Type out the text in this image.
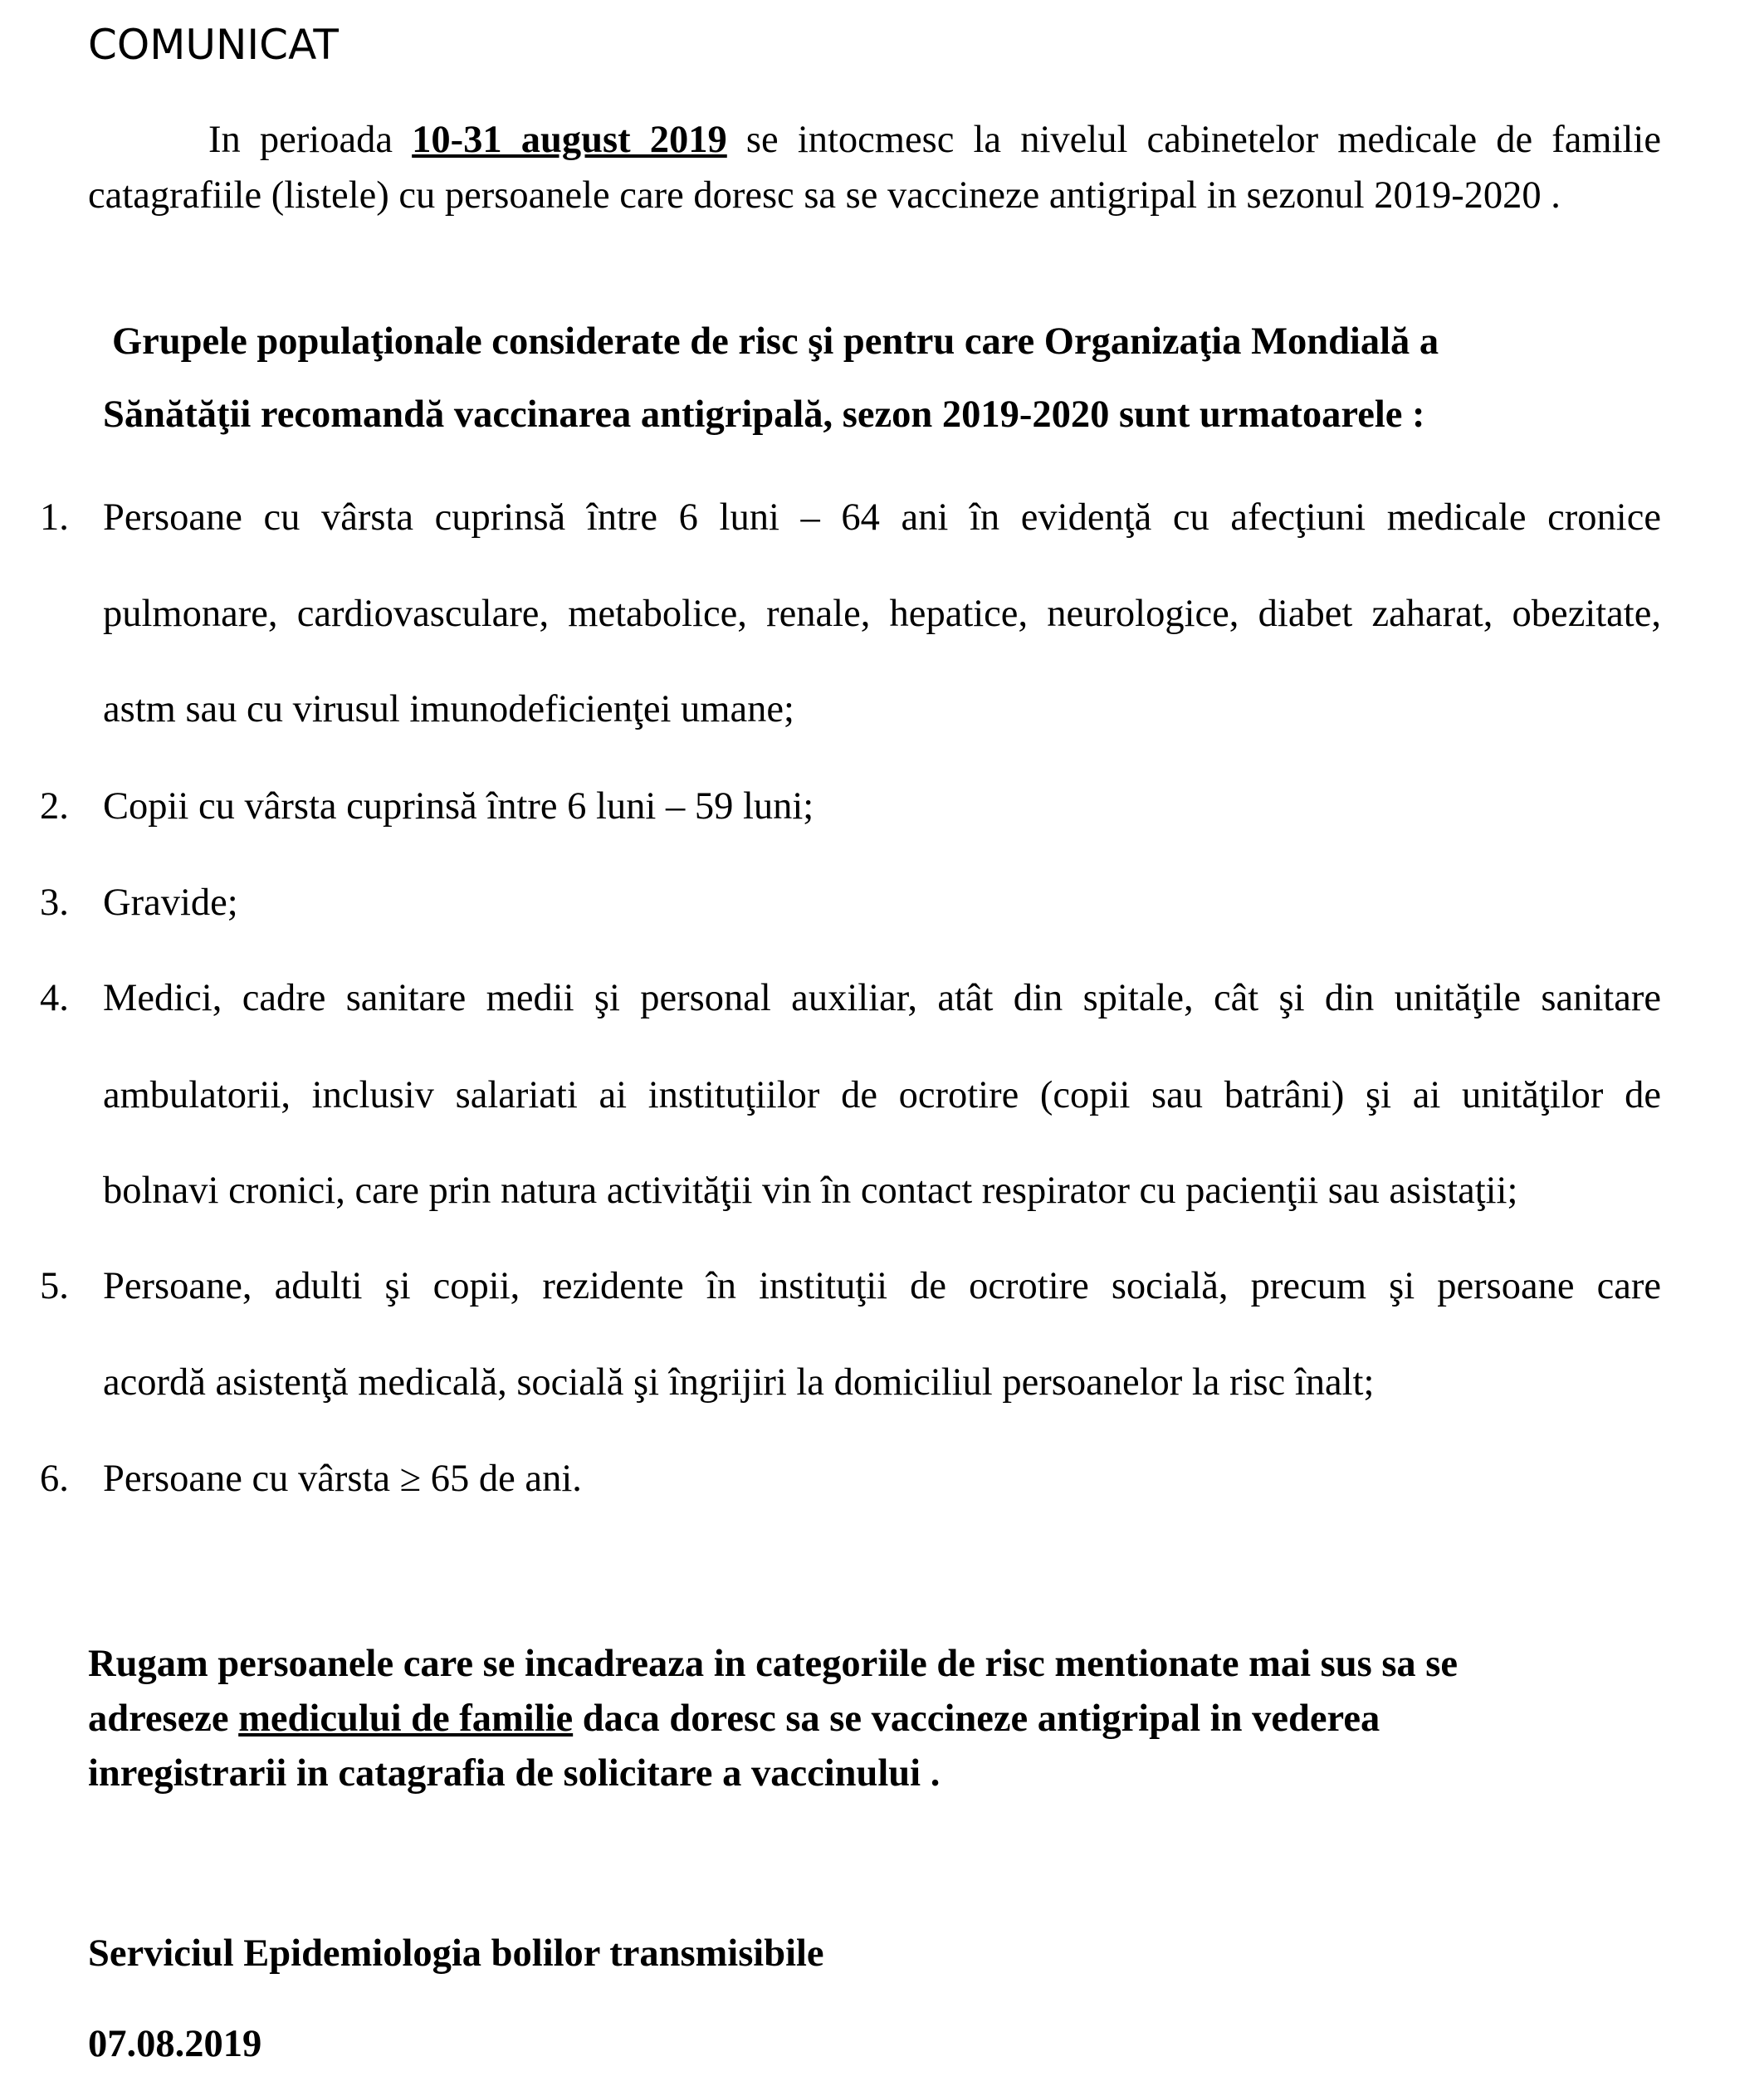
COMUNICAT

In perioada 10-31 august 2019 se intocmesc la nivelul cabinetelor medicale de familie catagrafiile (listele) cu persoanele care doresc sa se vaccineze antigripal in sezonul 2019-2020 .

Grupele populaţionale considerate de risc şi pentru care Organizaţia Mondială a
Sănătăţii recomandă vaccinarea antigripală, sezon 2019-2020 sunt urmatoarele :
1. Persoane cu vârsta cuprinsă între 6 luni – 64 ani în evidenţă cu afecţiuni medicale cronice
pulmonare, cardiovasculare, metabolice, renale, hepatice, neurologice, diabet zaharat, obezitate,
astm sau cu virusul imunodeficienţei umane;
2. Copii cu vârsta cuprinsă între 6 luni – 59 luni;
3. Gravide;
4. Medici, cadre sanitare medii şi personal auxiliar, atât din spitale, cât şi din unităţile sanitare
ambulatorii, inclusiv salariati ai instituţiilor de ocrotire (copii sau batrâni) şi ai unităţilor de
bolnavi cronici, care prin natura activităţii vin în contact respirator cu pacienţii sau asistaţii;
5. Persoane, adulti şi copii, rezidente în instituţii de ocrotire socială, precum şi persoane care
acordă asistenţă medicală, socială şi îngrijiri la domiciliul persoanelor la risc înalt;
6. Persoane cu vârsta ≥ 65 de ani.
Rugam persoanele care se incadreaza in categoriile de risc mentionate mai sus sa se
adreseze medicului de familie daca doresc sa se vaccineze antigripal in vederea
inregistrarii in catagrafia de solicitare a vaccinului .
Serviciul Epidemiologia bolilor transmisibile
07.08.2019
